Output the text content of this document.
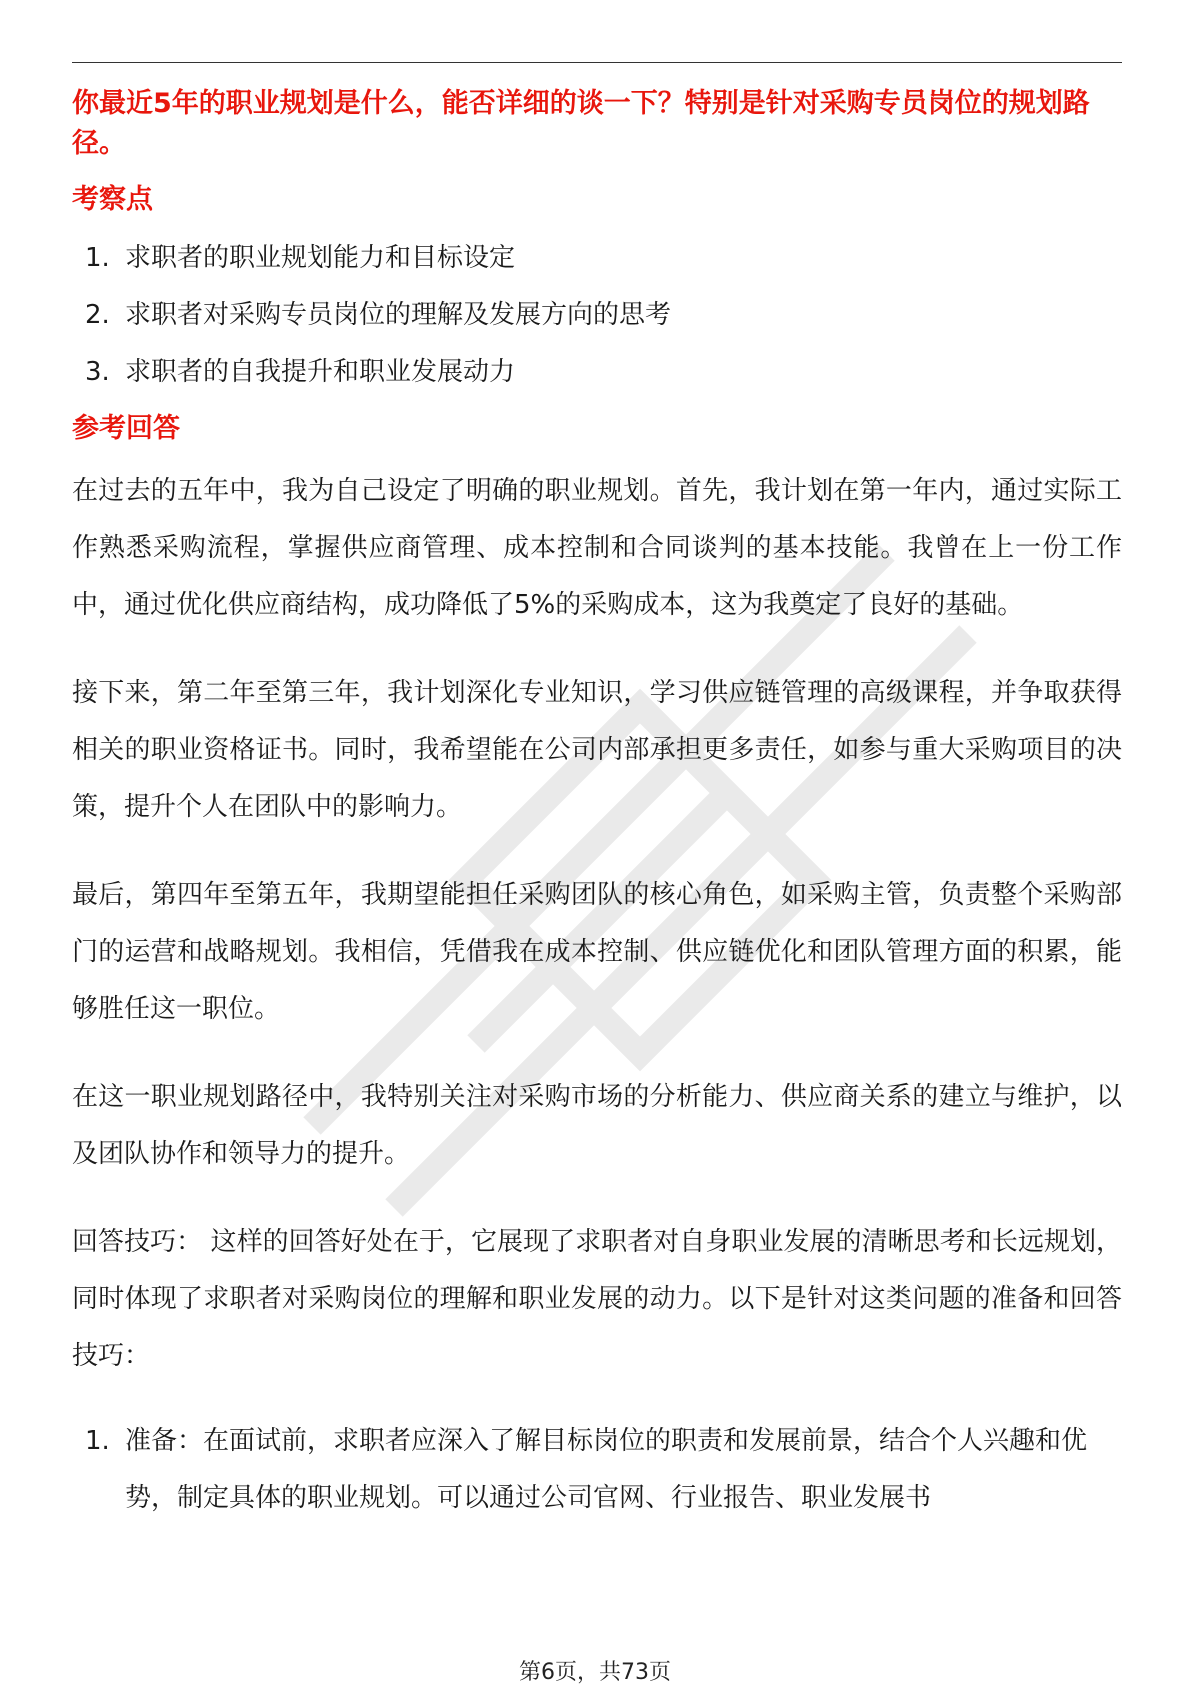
你最近5年的职业规划是什么，能否详细的谈一下？特别是针对采购专员岗位的规划路径。

考察点
1. 求职者的职业规划能力和目标设定
2. 求职者对采购专员岗位的理解及发展方向的思考
3. 求职者的自我提升和职业发展动力
参考回答

在过去的五年中，我为自己设定了明确的职业规划。首先，我计划在第一年内，通过实际工作熟悉采购流程，掌握供应商管理、成本控制和合同谈判的基本技能。我曾在上一份工作中，通过优化供应商结构，成功降低了5%的采购成本，这为我奠定了良好的基础。

接下来，第二年至第三年，我计划深化专业知识，学习供应链管理的高级课程，并争取获得相关的职业资格证书。同时，我希望能在公司内部承担更多责任，如参与重大采购项目的决策，提升个人在团队中的影响力。

最后，第四年至第五年，我期望能担任采购团队的核心角色，如采购主管，负责整个采购部门的运营和战略规划。我相信，凭借我在成本控制、供应链优化和团队管理方面的积累，能够胜任这一职位。

在这一职业规划路径中，我特别关注对采购市场的分析能力、供应商关系的建立与维护，以及团队协作和领导力的提升。

回答技巧： 这样的回答好处在于，它展现了求职者对自身职业发展的清晰思考和长远规划，同时体现了求职者对采购岗位的理解和职业发展的动力。以下是针对这类问题的准备和回答技巧：

1. 准备：在面试前，求职者应深入了解目标岗位的职责和发展前景，结合个人兴趣和优势，制定具体的职业规划。可以通过公司官网、行业报告、职业发展书
第6页，共73页
